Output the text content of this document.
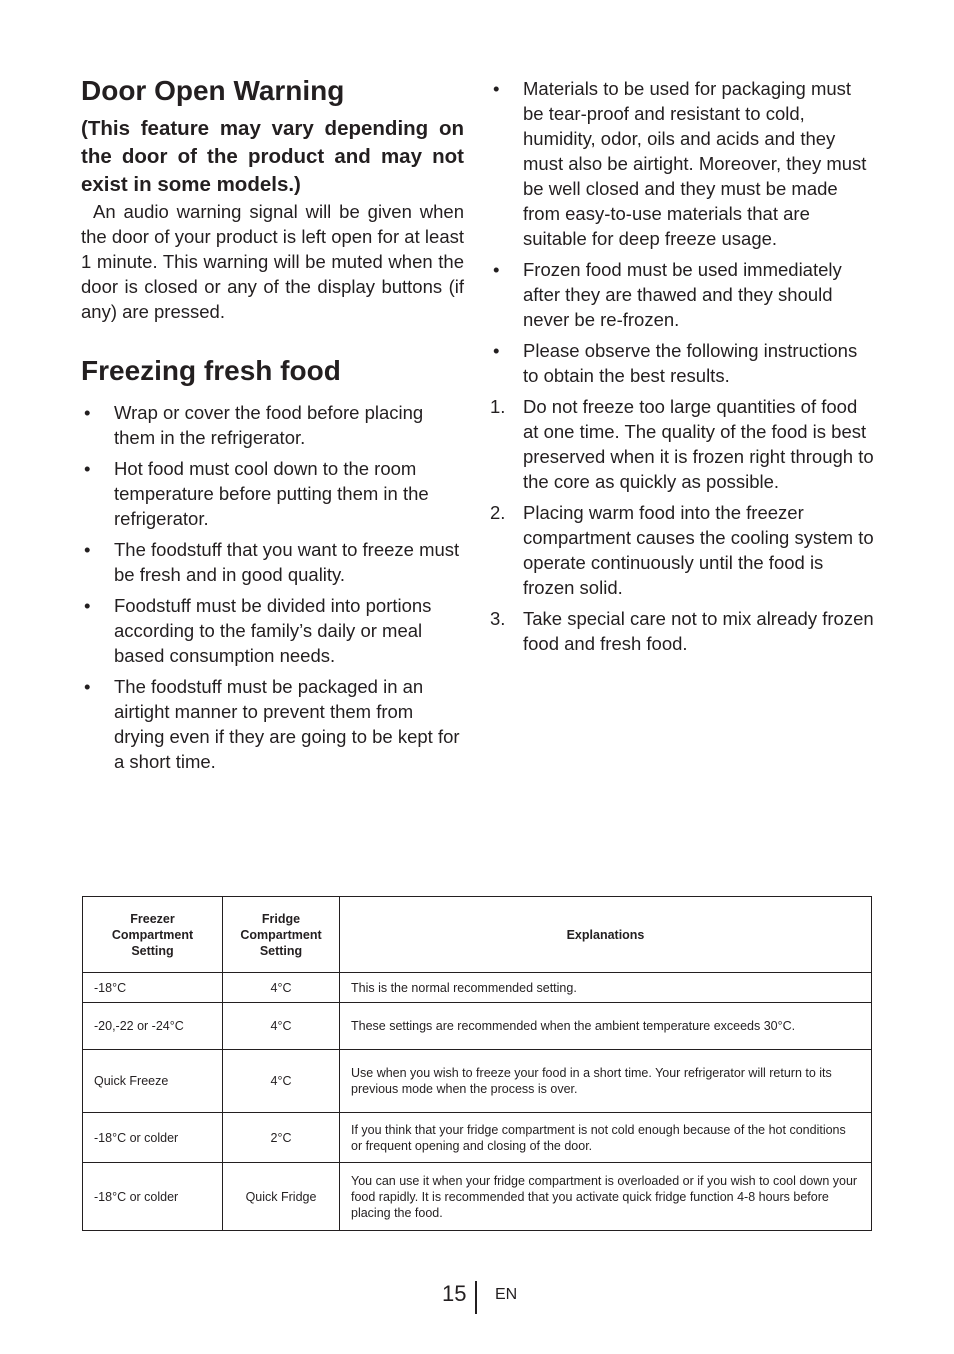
Door Open Warning

(This feature may vary depending on the door of the product and may not exist in some models.)

An audio warning signal will be given when the door of your product is left open for at least 1 minute. This warning will be muted when the door is closed or any of the display buttons (if any) are pressed.

Freezing fresh food
• Wrap or cover the food before placing them in the refrigerator.
• Hot food must cool down to the room temperature before putting them in the refrigerator.
• The foodstuff that you want to freeze must be fresh and in good quality.
• Foodstuff must be divided into portions according to the family’s daily or meal based consumption needs.
• The foodstuff must be packaged in an airtight manner to prevent them from drying even if they are going to be kept for a short time.
• Materials to be used for packaging must be tear-proof and resistant to cold, humidity, odor, oils and acids and they must also be airtight. Moreover, they must be well closed and they must be made from easy-to-use materials that are suitable for deep freeze usage.
• Frozen food must be used immediately after they are thawed and they should never be re-frozen.
• Please observe the following instructions to obtain the best results.
1. Do not freeze too large quantities of food at one time. The quality of the food is best preserved when it is frozen right through to the core as quickly as possible.
2. Placing warm food into the freezer compartment causes the cooling system to operate continuously until the food is frozen solid.
3. Take special care not to mix already frozen food and fresh food.
Freezer Compartment Setting	Fridge Compartment Setting	Explanations
-18°C	4°C	This is the normal recommended setting.
-20,-22 or -24°C	4°C	These settings are recommended when the ambient temperature exceeds 30°C.
Quick Freeze	4°C	Use when you wish to freeze your food in a short time. Your refrigerator will return to its previous mode when the process is over.
-18°C or colder	2°C	If you think that your fridge compartment is not cold enough because of the hot conditions or frequent opening and closing of the door.
-18°C or colder	Quick Fridge	You can use it when your fridge compartment is overloaded or if you wish to cool down your food rapidly. It is recommended that you activate quick fridge function 4-8 hours before placing the food.
15 EN
